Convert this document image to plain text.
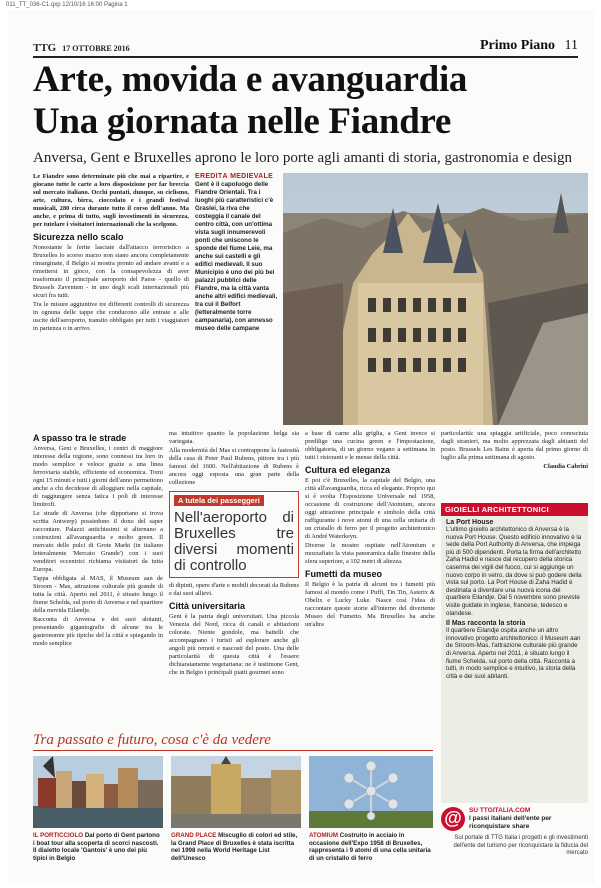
011_TT_036-C1.qxp 12/10/16 16:00 Pagina 1
TTG 17 OTTOBRE 2016	Primo Piano 11
Arte, movida e avanguardia
Una giornata nelle Fiandre
Anversa, Gent e Bruxelles aprono le loro porte agli amanti di storia, gastronomia e design

Le Fiandre sono determinate più che mai a ripartire, e giocano tutte le carte a loro disposizione per far breccia sul mercato italiano. Occhi puntati, dunque, su ciclismo, arte, cultura, birra, cioccolato e i grandi festival musicali, 280 circa durante tutto il corso dell'anno. Ma anche, e prima di tutto, sugli investimenti in sicurezza, per tutelare i visitatori internazionali che la scelgono.

Sicurezza nello scalo

Nonostante le ferite lasciate dall'attacco terroristico a Bruxelles lo scorso marzo non siano ancora completamente rimarginate, il Belgio si mostra pronto ad andare avanti e a rimettersi in gioco, con la consapevolezza di aver trasformato il principale aeroporto del Paese - quello di Brussels Zaventem - in uno degli scali internazionali più sicuri fra tutti.

Tra le misure aggiuntive tre differenti controlli di sicurezza in ognuna delle tappe che conducono alle entrate e alle uscite dell'aeroporto, transito obbligato per tutti i viaggiatori in partenza o in arrivo.

EREDITÀ MEDIEVALE
Gent è il capoluogo delle Fiandre Orientali. Tra i luoghi più caratteristici c'è Graslei, la riva che costeggia il canale del centro città, con un'ottima vista sugli innumerevoli ponti che uniscono le sponde del fiume Leie, ma anche sui castelli e gli edifici medievali. Il suo Municipio è uno dei più bei palazzi pubblici delle Fiandre, ma la città vanta anche altri edifici medievali, tra cui il Belfort (letteralmente torre campanaria), con annesso museo delle campane
A spasso tra le strade

Anversa, Gent e Bruxelles, i centri di maggiore interesse della regione, sono connessi tra loro in modo semplice e veloce grazie a una linea ferroviaria stabile, efficiente ed economica. Treni ogni 15 minuti e tutti i giorni dell'anno permettono anche a chi decidesse di alloggiare nella capitale, di raggiungere senza fatica i poli di interesse limitrofi.

Le strade di Anversa (che dipportano si trova scritta Antwerp) possiedono il dono del saper raccontare. Palazzi antichissimi si alternano a costruzioni all'avanguardia e molto green. Il mercato delle pulci di Grote Markt (in italiano letteralmente 'Mercato Grande') con i suoi venditori eccentrici richiama visitatori da tutta Europa.

Tappa obbligata al MAS, il Museum aan de Stroom - Mas, attrazione culturale più grande di tutta la città. Aperto nel 2011, è situato lungo il fiume Schelda, sul porto di Anversa e nel quartiere della movida Eilandje.

Racconta di Anversa e dei suoi abitanti, presentando gigantografie di alcune tra le gastronomie più tipiche del la città e spiegando in modo semplice

ma intuitivo quanto la popolazione belga sia variegata.

Alla modernità del Mas si contrappone la fastosità della casa di Peter Paul Rubens, pittore tra i più famosi del 1600. Nell'abitazione di Rubens è ancora oggi esposta una gran parte della collezione

A tutela dei passeggeri
Nell'aeroporto di Bruxelles tre diversi momenti di controllo

di dipinti, opere d'arte e mobili decorati da Rubens e dai suoi allievi.

Città universitaria

Gent è la patria degli universitari. Una piccola Venezia del Nord, ricca di canali e abitazioni colorate. Niente gondole, ma battelli che accompagnano i turisti ad esplorare anche gli angoli più remoti e nascosti del posto. Una delle particolarità di questa città è l'essere dichiaratamente vegetariana: ne è testimone Gent, che in Belgio i principali piatti gourmet sono

a base di carne alla griglia, a Gent invece si predilige una cucina green e l'impostazione, obbligatoria, di un giorno vegano a settimana in tutti i ristoranti e le mense della città.

Cultura ed eleganza

E poi c'è Bruxelles, la capitale del Belgio, una città all'avanguardia, ricca ed elegante. Proprio qui si è svolta l'Esposizione Universale nel 1958, occasione di costruzione dell'Atomium, ancora oggi attrazione principale e simbolo della città raffigurante i nove atomi di una cella unitaria di un cristallo di ferro per il progetto architettonico di André Waterkeyn.

Diverse le mostre ospitate nell'Atomium e mozzafiato la vista panoramica dalle finestre della sfera superiore, a 102 metri di altezza.

Fumetti da museo

Il Belgio è la patria di alcuni tra i fumetti più famosi al mondo come i Puffi, Tin Tin, Asterix & Obelix e Lucky Luke. Nasce così l'idea di raccontare queste storie all'interno del divertente Museo del Fumetto. Ma Bruxelles ha anche un'altra

particolarità: una spiaggia artificiale, poco conosciuta dagli stranieri, ma molto apprezzata dagli abitanti del posto. Brussels Les Bains è aperta dal primo giorno di luglio alla prima settimana di agosto.

Claudia Cabrini
GIOIELLI ARCHITETTONICI
La Port House
L'ultimo gioiello architettonico di Anversa è la nuova Port House. Questo edificio innovativo è la sede della Port Authority di Anversa, che impiega più di 500 dipendenti. Porta la firma dell'architetto Zaha Hadid e nasce dal recupero della storica caserma dei vigili del fuoco, cui si aggiunge un nuovo corpo in vetro, da dove si può godere della vista sul porto. La Port House di Zaha Hadid è destinata a diventare una nuova icona del quartiere Eilandje. Dal 5 novembre sono previste visite guidate in inglese, francese, tedesco e olandese.
Il Mas racconta la storia
Il quartiere Eilandje ospita anche un altro innovativo progetto architettonico: il Museum aan de Stroom-Mas, l'attrazione culturale più grande di Anversa. Aperto nel 2011, è situato lungo il fiume Schelda, sul porto della città. Racconta a tutti, in modo semplice e intuitivo, la storia della città e dei suoi abitanti.
Tra passato e futuro, cosa c'è da vedere
IL PORTICCIOLO Dal porto di Gent partono i boat tour alla scoperta di scorci nascosti. Il dialetto locale 'Gantois' è uno dei più tipici in Belgio
GRAND PLACE Miscuglio di colori ed stile, la Grand Place di Bruxelles è stata iscritta nel 1998 nella World Heritage List dell'Unesco
ATOMIUM Costruito in acciaio in occasione dell'Expo 1958 di Bruxelles, rappresenta i 9 atomi di una cella unitaria di un cristallo di ferro
@	SU TTGITALIA.COM
I passi italiani dell'ente per riconquistare share
Sul portale di TTG Italia i progetti e gli investimenti dell'ente del turismo per riconquistare la fiducia del mercato
